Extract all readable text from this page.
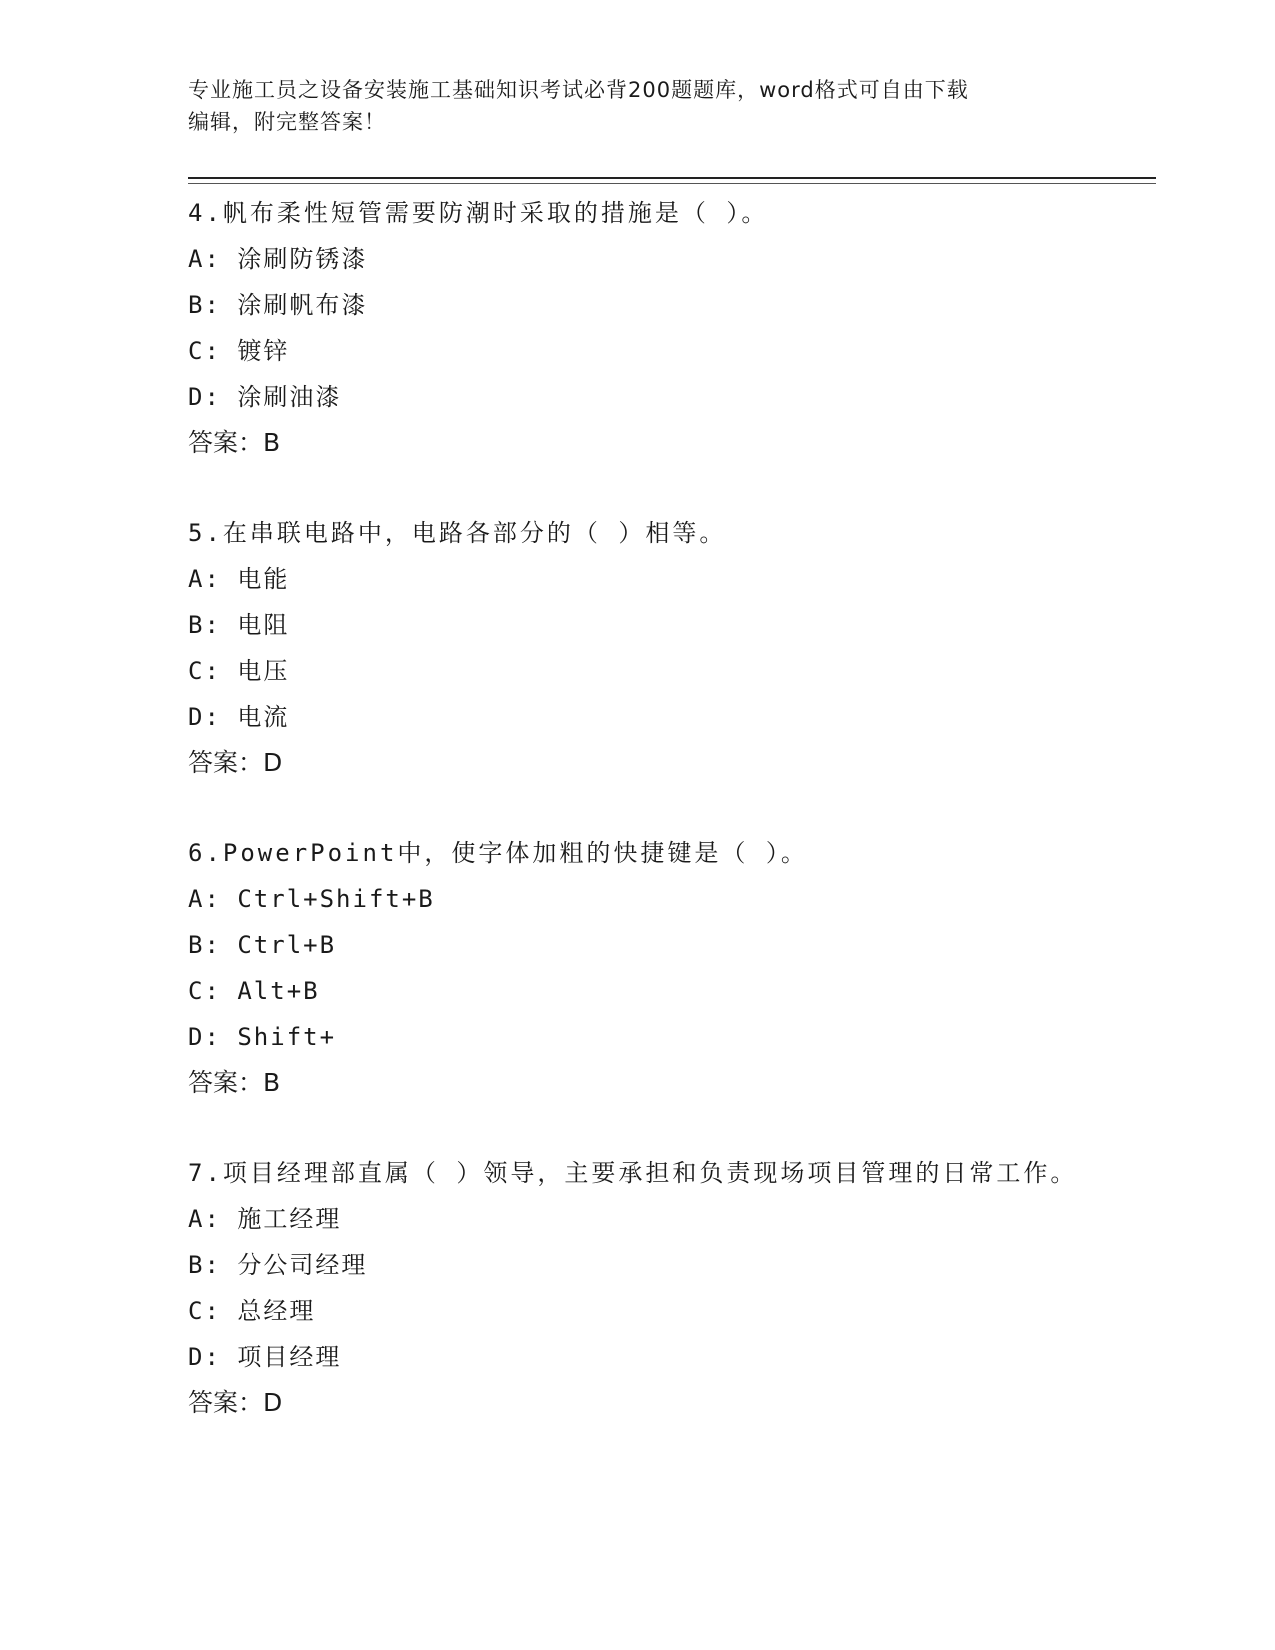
专业施工员之设备安装施工基础知识考试必背200题题库，word格式可自由下载
编辑，附完整答案！
4.帆布柔性短管需要防潮时采取的措施是（ ）。
A: 涂刷防锈漆
B: 涂刷帆布漆
C: 镀锌
D: 涂刷油漆
答案：B
5.在串联电路中，电路各部分的（ ）相等。
A: 电能
B: 电阻
C: 电压
D: 电流
答案：D
6.PowerPoint中，使字体加粗的快捷键是（ ）。
A: Ctrl+Shift+B
B: Ctrl+B
C: Alt+B
D: Shift+
答案：B
7.项目经理部直属（ ）领导，主要承担和负责现场项目管理的日常工作。
A: 施工经理
B: 分公司经理
C: 总经理
D: 项目经理
答案：D
